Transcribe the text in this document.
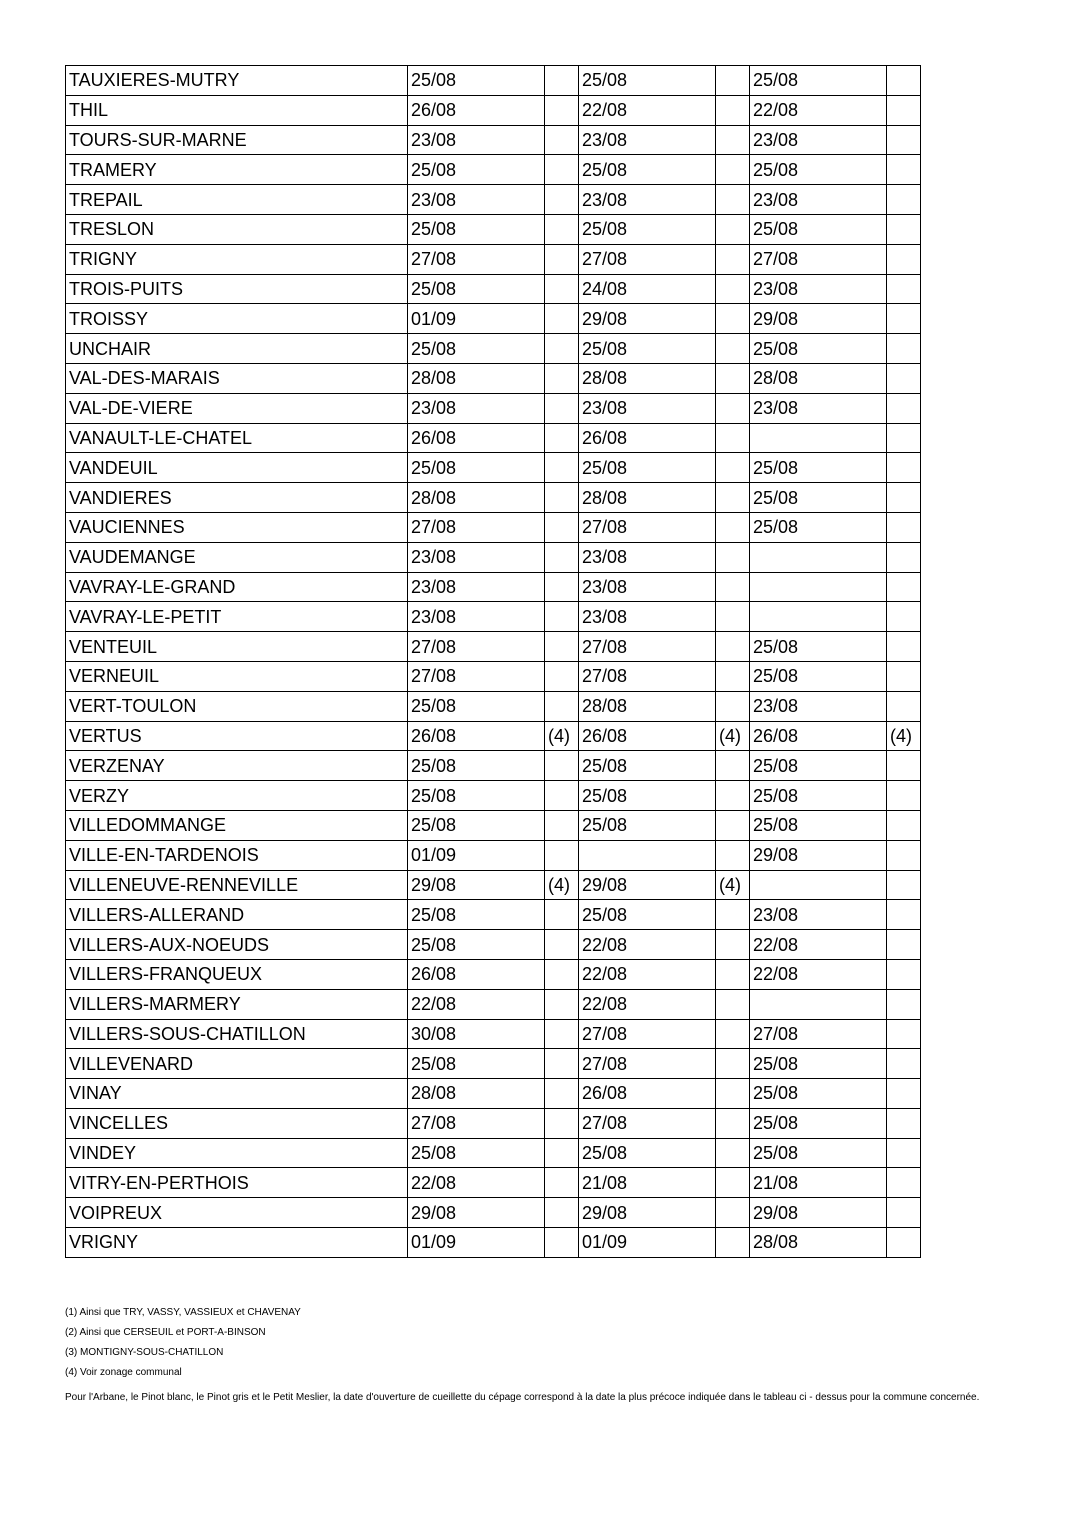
TAUXIERES-MUTRY	25/08		25/08		25/08	
THIL	26/08		22/08		22/08	
TOURS-SUR-MARNE	23/08		23/08		23/08	
TRAMERY	25/08		25/08		25/08	
TREPAIL	23/08		23/08		23/08	
TRESLON	25/08		25/08		25/08	
TRIGNY	27/08		27/08		27/08	
TROIS-PUITS	25/08		24/08		23/08	
TROISSY	01/09		29/08		29/08	
UNCHAIR	25/08		25/08		25/08	
VAL-DES-MARAIS	28/08		28/08		28/08	
VAL-DE-VIERE	23/08		23/08		23/08	
VANAULT-LE-CHATEL	26/08		26/08			
VANDEUIL	25/08		25/08		25/08	
VANDIERES	28/08		28/08		25/08	
VAUCIENNES	27/08		27/08		25/08	
VAUDEMANGE	23/08		23/08			
VAVRAY-LE-GRAND	23/08		23/08			
VAVRAY-LE-PETIT	23/08		23/08			
VENTEUIL	27/08		27/08		25/08	
VERNEUIL	27/08		27/08		25/08	
VERT-TOULON	25/08		28/08		23/08	
VERTUS	26/08	(4)	26/08	(4)	26/08	(4)
VERZENAY	25/08		25/08		25/08	
VERZY	25/08		25/08		25/08	
VILLEDOMMANGE	25/08		25/08		25/08	
VILLE-EN-TARDENOIS	01/09				29/08	
VILLENEUVE-RENNEVILLE	29/08	(4)	29/08	(4)		
VILLERS-ALLERAND	25/08		25/08		23/08	
VILLERS-AUX-NOEUDS	25/08		22/08		22/08	
VILLERS-FRANQUEUX	26/08		22/08		22/08	
VILLERS-MARMERY	22/08		22/08			
VILLERS-SOUS-CHATILLON	30/08		27/08		27/08	
VILLEVENARD	25/08		27/08		25/08	
VINAY	28/08		26/08		25/08	
VINCELLES	27/08		27/08		25/08	
VINDEY	25/08		25/08		25/08	
VITRY-EN-PERTHOIS	22/08		21/08		21/08	
VOIPREUX	29/08		29/08		29/08	
VRIGNY	01/09		01/09		28/08	
(1) Ainsi que TRY, VASSY, VASSIEUX et CHAVENAY
(2) Ainsi que CERSEUIL et PORT-A-BINSON
(3) MONTIGNY-SOUS-CHATILLON
(4) Voir zonage communal
Pour l'Arbane, le Pinot blanc, le Pinot gris et le Petit Meslier, la date d'ouverture de cueillette du cépage correspond à la date la plus précoce indiquée dans le tableau ci - dessus pour la commune concernée.
